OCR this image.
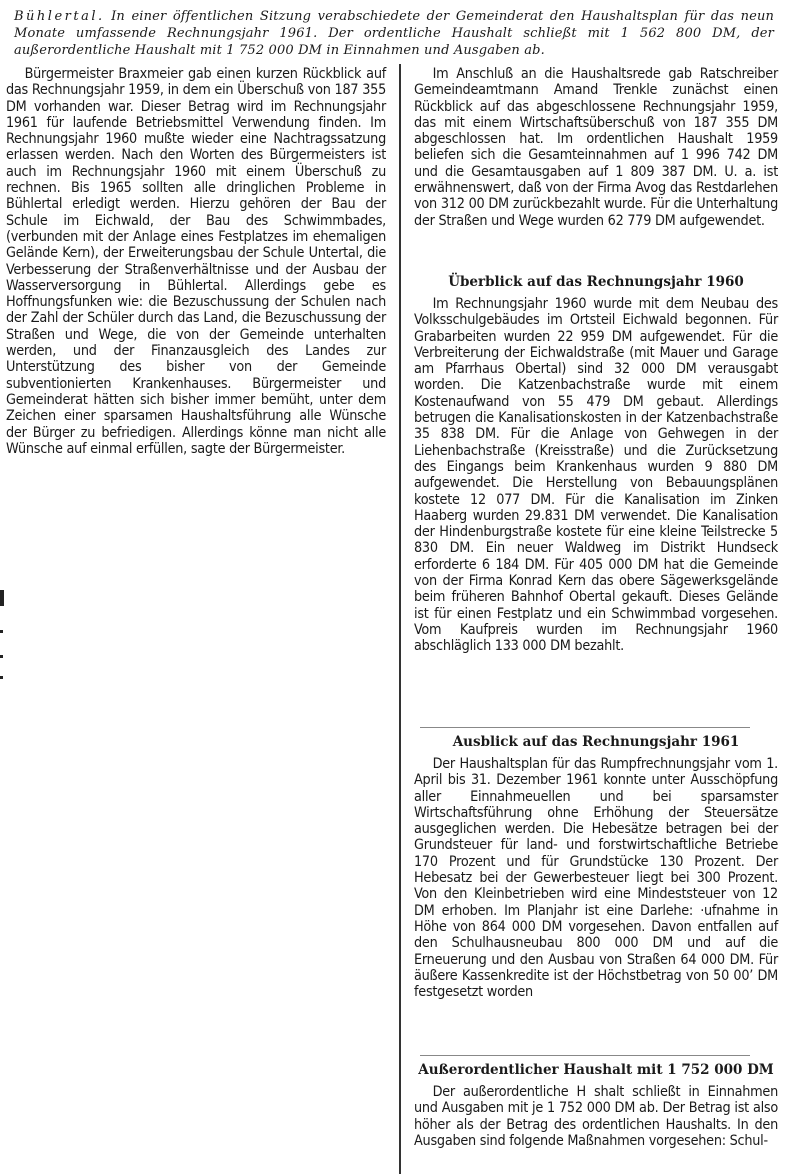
Bühlertal. In einer öffentlichen Sitzung verabschiedete der Gemeinderat den Haushaltsplan für das neun Monate umfassende Rechnungsjahr 1961. Der ordentliche Haushalt schließt mit 1 562 800 DM, der außerordentliche Haushalt mit 1 752 000 DM in Einnahmen und Ausgaben ab.

Bürgermeister Braxmeier gab einen kurzen Rückblick auf das Rechnungsjahr 1959, in dem ein Überschuß von 187 355 DM vorhanden war. Dieser Betrag wird im Rechnungsjahr 1961 für laufende Betriebsmittel Verwendung finden. Im Rechnungsjahr 1960 mußte wieder eine Nachtragssatzung erlassen werden. Nach den Worten des Bürgermeisters ist auch im Rechnungsjahr 1960 mit einem Überschuß zu rechnen. Bis 1965 sollten alle dringlichen Probleme in Bühlertal erledigt werden. Hierzu gehören der Bau der Schule im Eichwald, der Bau des Schwimmbades, (verbunden mit der Anlage eines Festplatzes im ehemaligen Gelände Kern), der Erweiterungsbau der Schule Untertal, die Verbesserung der Straßenverhältnisse und der Ausbau der Wasserversorgung in Bühlertal. Allerdings gebe es Hoffnungsfunken wie: die Bezuschussung der Schulen nach der Zahl der Schüler durch das Land, die Bezuschussung der Straßen und Wege, die von der Gemeinde unterhalten werden, und der Finanzausgleich des Landes zur Unterstützung des bisher von der Gemeinde subventionierten Krankenhauses. Bürgermeister und Gemeinderat hätten sich bisher immer bemüht, unter dem Zeichen einer sparsamen Haushaltsführung alle Wünsche der Bürger zu befriedigen. Allerdings könne man nicht alle Wünsche auf einmal erfüllen, sagte der Bürgermeister.

Im Anschluß an die Haushaltsrede gab Ratschreiber Gemeindeamtmann Amand Trenkle zunächst einen Rückblick auf das abgeschlossene Rechnungsjahr 1959, das mit einem Wirtschaftsüberschuß von 187 355 DM abgeschlossen hat. Im ordentlichen Haushalt 1959 beliefen sich die Gesamteinnahmen auf 1 996 742 DM und die Gesamtausgaben auf 1 809 387 DM. U. a. ist erwähnenswert, daß von der Firma Avog das Restdarlehen von 312 00 DM zurückbezahlt wurde. Für die Unterhaltung der Straßen und Wege wurden 62 779 DM aufgewendet.

Überblick auf das Rechnungsjahr 1960

Im Rechnungsjahr 1960 wurde mit dem Neubau des Volksschulgebäudes im Ortsteil Eichwald begonnen. Für Grabarbeiten wurden 22 959 DM aufgewendet. Für die Verbreiterung der Eichwaldstraße (mit Mauer und Garage am Pfarrhaus Obertal) sind 32 000 DM verausgabt worden. Die Katzenbachstraße wurde mit einem Kostenaufwand von 55 479 DM gebaut. Allerdings betrugen die Kanalisationskosten in der Katzenbachstraße 35 838 DM. Für die Anlage von Gehwegen in der Liehenbachstraße (Kreisstraße) und die Zurücksetzung des Eingangs beim Krankenhaus wurden 9 880 DM aufgewendet. Die Herstellung von Bebauungsplänen kostete 12 077 DM. Für die Kanalisation im Zinken Haaberg wurden 29.831 DM verwendet. Die Kanalisation der Hindenburgstraße kostete für eine kleine Teilstrecke 5 830 DM. Ein neuer Waldweg im Distrikt Hundseck erforderte 6 184 DM. Für 405 000 DM hat die Gemeinde von der Firma Konrad Kern das obere Sägewerksgelände beim früheren Bahnhof Obertal gekauft. Dieses Gelände ist für einen Festplatz und ein Schwimmbad vorgesehen. Vom Kaufpreis wurden im Rechnungsjahr 1960 abschläglich 133 000 DM bezahlt.

Ausblick auf das Rechnungsjahr 1961

Der Haushaltsplan für das Rumpfrechnungsjahr vom 1. April bis 31. Dezember 1961 konnte unter Ausschöpfung aller Einnahmeuellen und bei sparsamster Wirtschaftsführung ohne Erhöhung der Steuersätze ausgeglichen werden. Die Hebesätze betragen bei der Grundsteuer für land- und forstwirtschaftliche Betriebe 170 Prozent und für Grundstücke 130 Prozent. Der Hebesatz bei der Gewerbesteuer liegt bei 300 Prozent. Von den Kleinbetrieben wird eine Mindeststeuer von 12 DM erhoben. Im Planjahr ist eine Darlehe: ·ufnahme in Höhe von 864 000 DM vorgesehen. Davon entfallen auf den Schulhausneubau 800 000 DM und auf die Erneuerung und den Ausbau von Straßen 64 000 DM. Für äußere Kassenkredite ist der Höchstbetrag von 50 00’ DM festgesetzt worden

Außerordentlicher Haushalt mit 1 752 000 DM

Der außerordentliche H shalt schließt in Einnahmen und Ausgaben mit je 1 752 000 DM ab. Der Betrag ist also höher als der Betrag des ordentlichen Haushalts. In den Ausgaben sind folgende Maßnahmen vorgesehen: Schul-
